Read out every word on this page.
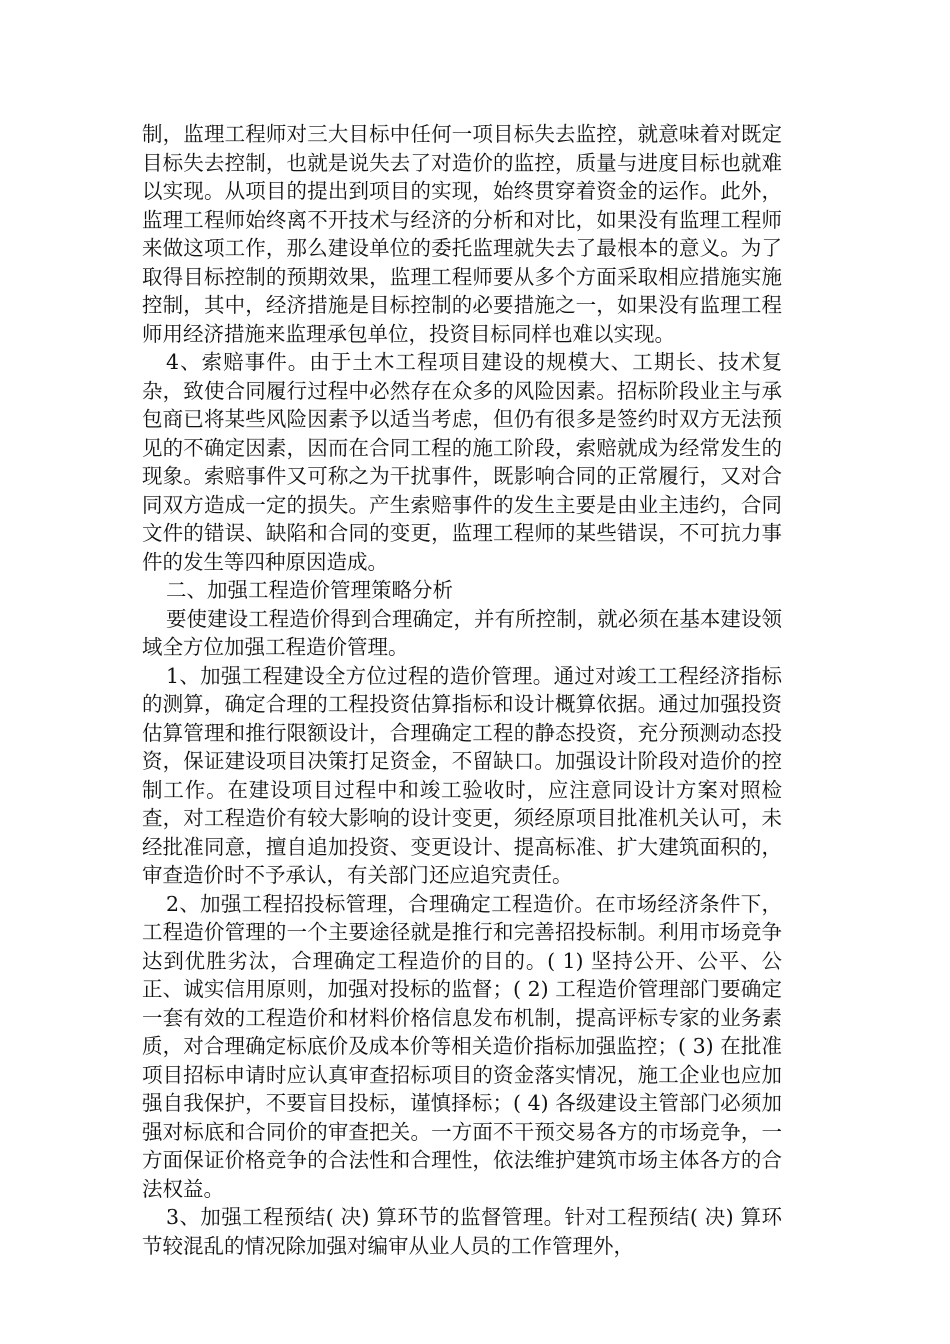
制，监理工程师对三大目标中任何一项目标失去监控，就意味着对既定目标失去控制，也就是说失去了对造价的监控，质量与进度目标也就难以实现。从项目的提出到项目的实现，始终贯穿着资金的运作。此外，监理工程师始终离不开技术与经济的分析和对比，如果没有监理工程师来做这项工作，那么建设单位的委托监理就失去了最根本的意义。为了取得目标控制的预期效果，监理工程师要从多个方面采取相应措施实施控制，其中，经济措施是目标控制的必要措施之一，如果没有监理工程师用经济措施来监理承包单位，投资目标同样也难以实现。

4、索赔事件。由于土木工程项目建设的规模大、工期长、技术复杂，致使合同履行过程中必然存在众多的风险因素。招标阶段业主与承包商已将某些风险因素予以适当考虑，但仍有很多是签约时双方无法预见的不确定因素，因而在合同工程的施工阶段，索赔就成为经常发生的现象。索赔事件又可称之为干扰事件，既影响合同的正常履行，又对合同双方造成一定的损失。产生索赔事件的发生主要是由业主违约，合同文件的错误、缺陷和合同的变更，监理工程师的某些错误，不可抗力事件的发生等四种原因造成。

二、加强工程造价管理策略分析

要使建设工程造价得到合理确定，并有所控制，就必须在基本建设领域全方位加强工程造价管理。

1、加强工程建设全方位过程的造价管理。通过对竣工工程经济指标的测算，确定合理的工程投资估算指标和设计概算依据。通过加强投资估算管理和推行限额设计，合理确定工程的静态投资，充分预测动态投资，保证建设项目决策打足资金，不留缺口。加强设计阶段对造价的控制工作。在建设项目过程中和竣工验收时，应注意同设计方案对照检查，对工程造价有较大影响的设计变更，须经原项目批准机关认可，未经批准同意，擅自追加投资、变更设计、提高标准、扩大建筑面积的，审查造价时不予承认，有关部门还应追究责任。

2、加强工程招投标管理，合理确定工程造价。在市场经济条件下，工程造价管理的一个主要途径就是推行和完善招投标制。利用市场竞争达到优胜劣汰，合理确定工程造价的目的。( 1) 坚持公开、公平、公正、诚实信用原则，加强对投标的监督；( 2) 工程造价管理部门要确定一套有效的工程造价和材料价格信息发布机制，提高评标专家的业务素质，对合理确定标底价及成本价等相关造价指标加强监控；( 3) 在批准项目招标申请时应认真审查招标项目的资金落实情况，施工企业也应加强自我保护，不要盲目投标，谨慎择标；( 4) 各级建设主管部门必须加强对标底和合同价的审查把关。一方面不干预交易各方的市场竞争，一方面保证价格竞争的合法性和合理性，依法维护建筑市场主体各方的合法权益。

3、加强工程预结( 决) 算环节的监督管理。针对工程预结( 决) 算环节较混乱的情况除加强对编审从业人员的工作管理外，
